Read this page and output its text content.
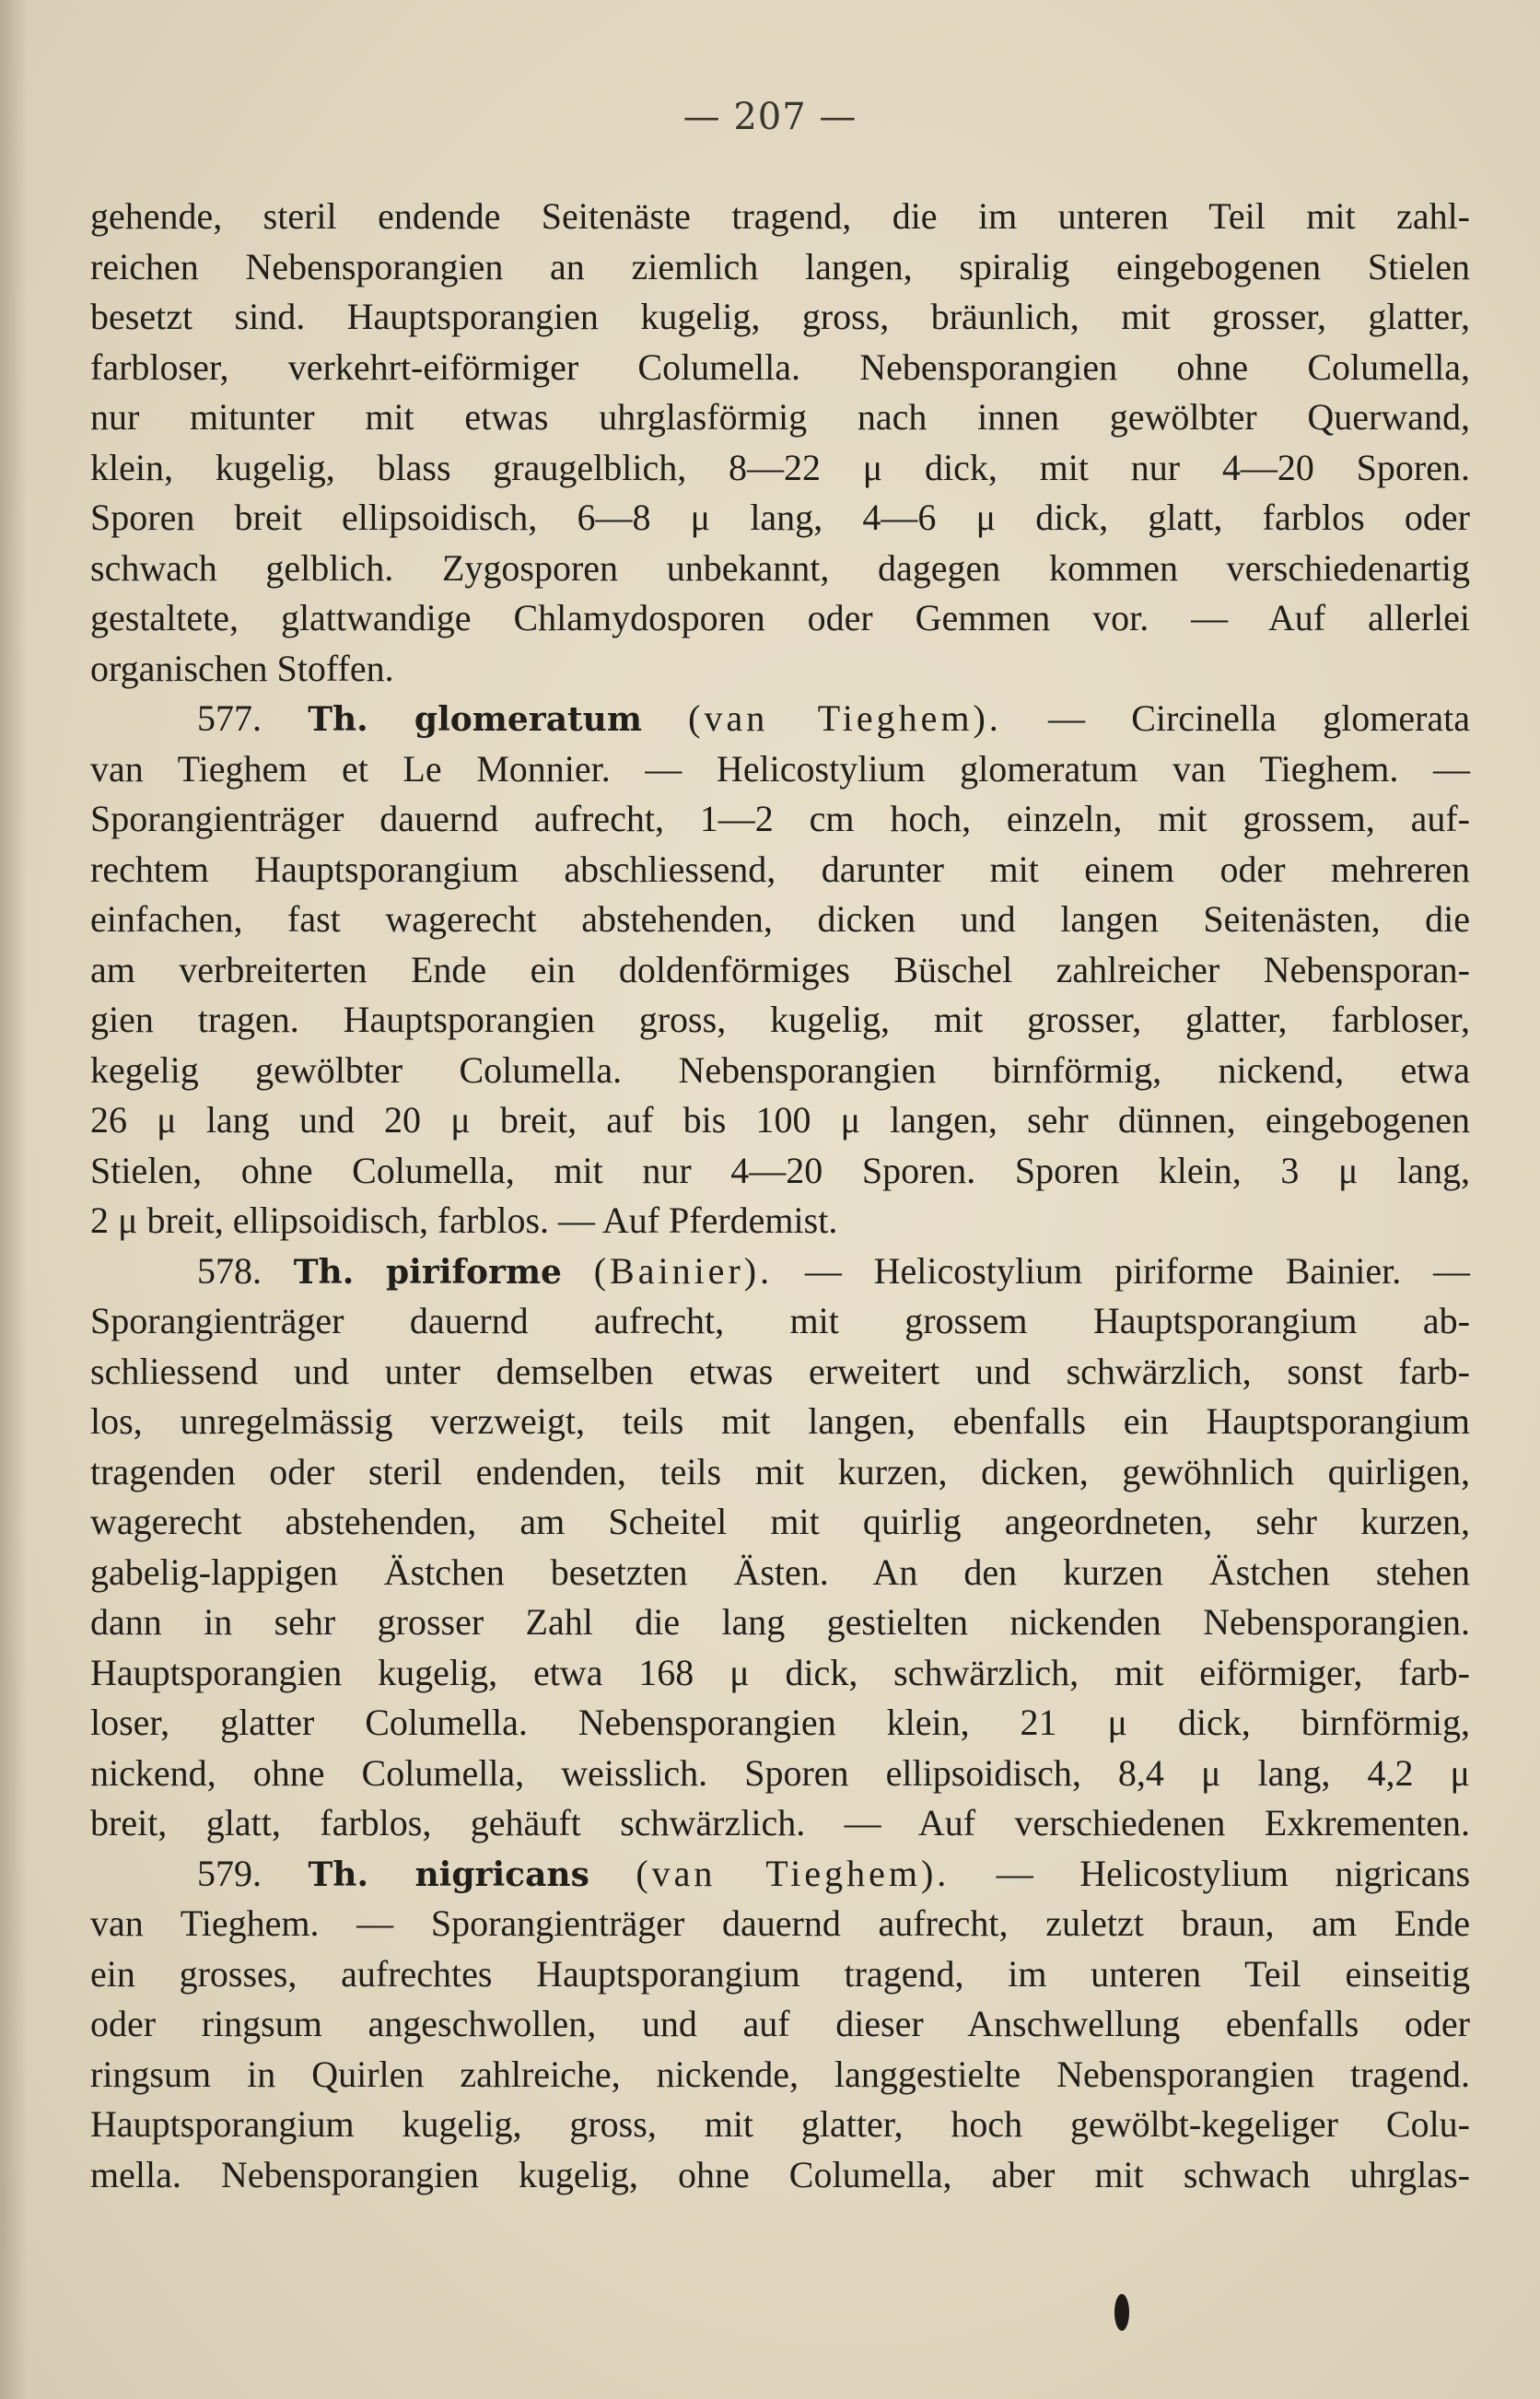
— 207 —
gehende, steril endende Seitenäste tragend, die im unteren Teil mit zahl-
reichen Nebensporangien an ziemlich langen, spiralig eingebogenen Stielen
besetzt sind. Hauptsporangien kugelig, gross, bräunlich, mit grosser, glatter,
farbloser, verkehrt-eiförmiger Columella. Nebensporangien ohne Columella,
nur mitunter mit etwas uhrglasförmig nach innen gewölbter Querwand,
klein, kugelig, blass graugelblich, 8—22 μ dick, mit nur 4—20 Sporen.
Sporen breit ellipsoidisch, 6—8 μ lang, 4—6 μ dick, glatt, farblos oder
schwach gelblich. Zygosporen unbekannt, dagegen kommen verschiedenartig
gestaltete, glattwandige Chlamydosporen oder Gemmen vor. — Auf allerlei
organischen Stoffen.
577. Th. glomeratum (van Tieghem). — Circinella glomerata
van Tieghem et Le Monnier. — Helicostylium glomeratum van Tieghem. —
Sporangienträger dauernd aufrecht, 1—2 cm hoch, einzeln, mit grossem, auf-
rechtem Hauptsporangium abschliessend, darunter mit einem oder mehreren
einfachen, fast wagerecht abstehenden, dicken und langen Seitenästen, die
am verbreiterten Ende ein doldenförmiges Büschel zahlreicher Nebensporan-
gien tragen. Hauptsporangien gross, kugelig, mit grosser, glatter, farbloser,
kegelig gewölbter Columella. Nebensporangien birnförmig, nickend, etwa
26 μ lang und 20 μ breit, auf bis 100 μ langen, sehr dünnen, eingebogenen
Stielen, ohne Columella, mit nur 4—20 Sporen. Sporen klein, 3 μ lang,
2 μ breit, ellipsoidisch, farblos. — Auf Pferdemist.
578. Th. piriforme (Bainier). — Helicostylium piriforme Bainier. —
Sporangienträger dauernd aufrecht, mit grossem Hauptsporangium ab-
schliessend und unter demselben etwas erweitert und schwärzlich, sonst farb-
los, unregelmässig verzweigt, teils mit langen, ebenfalls ein Hauptsporangium
tragenden oder steril endenden, teils mit kurzen, dicken, gewöhnlich quirligen,
wagerecht abstehenden, am Scheitel mit quirlig angeordneten, sehr kurzen,
gabelig-lappigen Ästchen besetzten Ästen. An den kurzen Ästchen stehen
dann in sehr grosser Zahl die lang gestielten nickenden Nebensporangien.
Hauptsporangien kugelig, etwa 168 μ dick, schwärzlich, mit eiförmiger, farb-
loser, glatter Columella. Nebensporangien klein, 21 μ dick, birnförmig,
nickend, ohne Columella, weisslich. Sporen ellipsoidisch, 8,4 μ lang, 4,2 μ
breit, glatt, farblos, gehäuft schwärzlich. — Auf verschiedenen Exkrementen.
579. Th. nigricans (van Tieghem). — Helicostylium nigricans
van Tieghem. — Sporangienträger dauernd aufrecht, zuletzt braun, am Ende
ein grosses, aufrechtes Hauptsporangium tragend, im unteren Teil einseitig
oder ringsum angeschwollen, und auf dieser Anschwellung ebenfalls oder
ringsum in Quirlen zahlreiche, nickende, langgestielte Nebensporangien tragend.
Hauptsporangium kugelig, gross, mit glatter, hoch gewölbt-kegeliger Colu-
mella. Nebensporangien kugelig, ohne Columella, aber mit schwach uhrglas-
